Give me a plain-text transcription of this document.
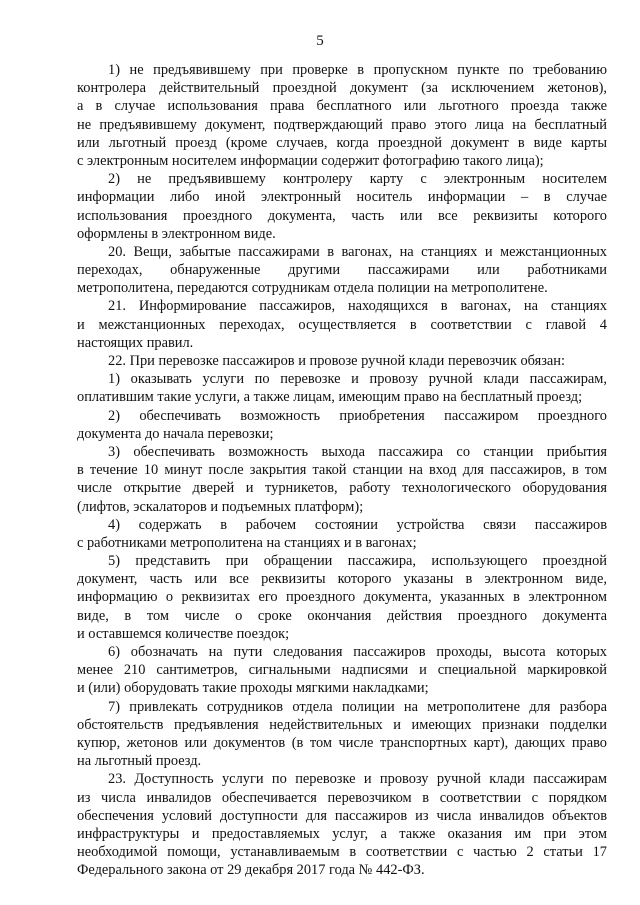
5
1) не предъявившему при проверке в пропускном пункте по требованию
контролера действительный проездной документ (за исключением жетонов),
а в случае использования права бесплатного или льготного проезда также
не предъявившему документ, подтверждающий право этого лица на бесплатный
или льготный проезд (кроме случаев, когда проездной документ в виде карты
с электронным носителем информации содержит фотографию такого лица);
2) не предъявившему контролеру карту с электронным носителем
информации либо иной электронный носитель информации – в случае
использования проездного документа, часть или все реквизиты которого
оформлены в электронном виде.
20. Вещи, забытые пассажирами в вагонах, на станциях и межстанционных
переходах, обнаруженные другими пассажирами или работниками
метрополитена, передаются сотрудникам отдела полиции на метрополитене.
21. Информирование пассажиров, находящихся в вагонах, на станциях
и межстанционных переходах, осуществляется в соответствии с главой 4
настоящих правил.
22. При перевозке пассажиров и провозе ручной клади перевозчик обязан:
1) оказывать услуги по перевозке и провозу ручной клади пассажирам,
оплатившим такие услуги, а также лицам, имеющим право на бесплатный проезд;
2) обеспечивать возможность приобретения пассажиром проездного
документа до начала перевозки;
3) обеспечивать возможность выхода пассажира со станции прибытия
в течение 10 минут после закрытия такой станции на вход для пассажиров, в том
числе открытие дверей и турникетов, работу технологического оборудования
(лифтов, эскалаторов и подъемных платформ);
4) содержать в рабочем состоянии устройства связи пассажиров
с работниками метрополитена на станциях и в вагонах;
5) представить при обращении пассажира, использующего проездной
документ, часть или все реквизиты которого указаны в электронном виде,
информацию о реквизитах его проездного документа, указанных в электронном
виде, в том числе о сроке окончания действия проездного документа
и оставшемся количестве поездок;
6) обозначать на пути следования пассажиров проходы, высота которых
менее 210 сантиметров, сигнальными надписями и специальной маркировкой
и (или) оборудовать такие проходы мягкими накладками;
7) привлекать сотрудников отдела полиции на метрополитене для разбора
обстоятельств предъявления недействительных и имеющих признаки подделки
купюр, жетонов или документов (в том числе транспортных карт), дающих право
на льготный проезд.
23. Доступность услуги по перевозке и провозу ручной клади пассажирам
из числа инвалидов обеспечивается перевозчиком в соответствии с порядком
обеспечения условий доступности для пассажиров из числа инвалидов объектов
инфраструктуры и предоставляемых услуг, а также оказания им при этом
необходимой помощи, устанавливаемым в соответствии с частью 2 статьи 17
Федерального закона от 29 декабря 2017 года № 442-ФЗ.
